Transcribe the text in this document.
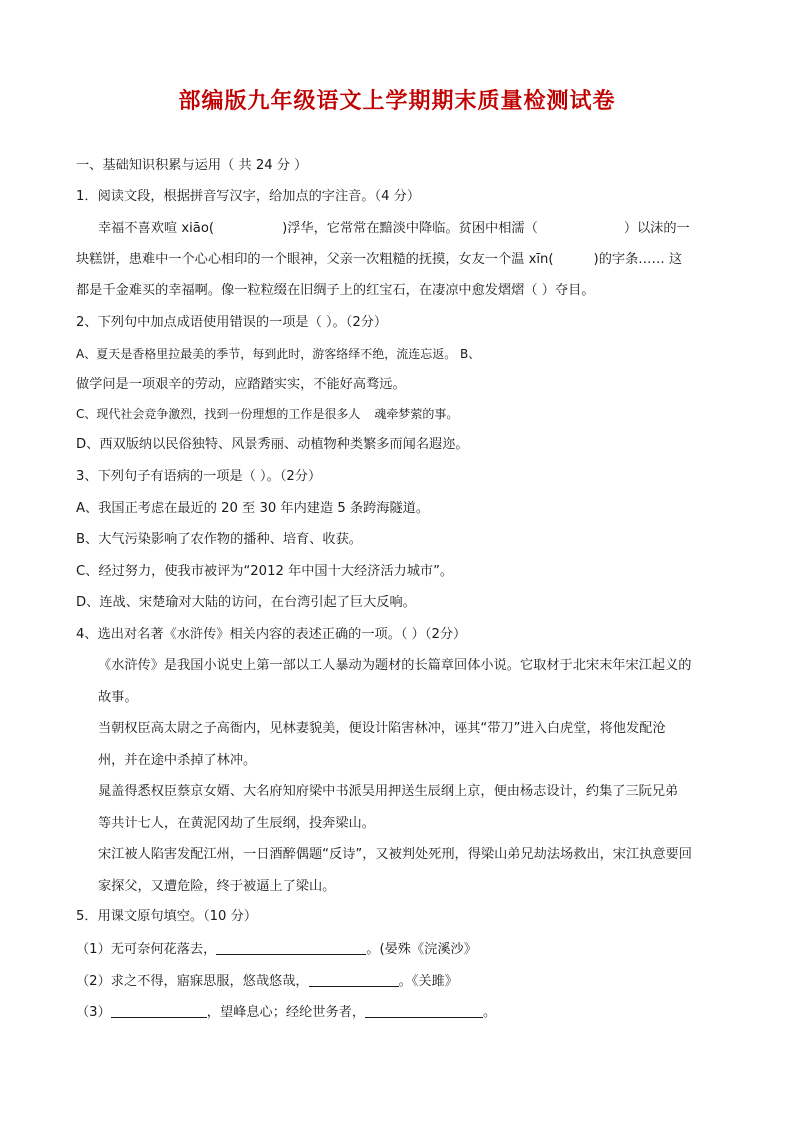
部编版九年级语文上学期期末质量检测试卷
一、基础知识积累与运用（ 共 24 分 ）
1．阅读文段，根据拼音写汉字，给加点的字注音。（4 分）
幸福不喜欢喧 xiāo(	)浮华，它常常在黯淡中降临。贫困中相濡（	）以沫的一
块糕饼，患难中一个心心相印的一个眼神，父亲一次粗糙的抚摸，女友一个温 xīn(	)的字条…… 这
都是千金难买的幸福啊。像一粒粒缀在旧绸子上的红宝石，在凄凉中愈发熠熠（ ）夺目。
2、下列句中加点成语使用错误的一项是（ ）。（2分）
A、夏天是香格里拉最美的季节，每到此时，游客络绎不绝，流连忘返。 B、
做学问是一项艰辛的劳动，应踏踏实实，不能好高骛远。
C、现代社会竞争激烈，找到一份理想的工作是很多人 魂牵梦萦的事。
D、西双版纳以民俗独特、风景秀丽、动植物种类繁多而闻名遐迩。
3、下列句子有语病的一项是（ ）。（2分）
A、我国正考虑在最近的 20 至 30 年内建造 5 条跨海隧道。
B、大气污染影响了农作物的播种、培育、收获。
C、经过努力，使我市被评为“2012 年中国十大经济活力城市”。
D、连战、宋楚瑜对大陆的访问，在台湾引起了巨大反响。
4、选出对名著《水浒传》相关内容的表述正确的一项。（ ）（2分）
《水浒传》是我国小说史上第一部以工人暴动为题材的长篇章回体小说。它取材于北宋末年宋江起义的
故事。
当朝权臣高太尉之子高衙内，见林妻貌美，便设计陷害林冲，诬其“带刀”进入白虎堂，将他发配沧
州，并在途中杀掉了林冲。
晁盖得悉权臣蔡京女婿、大名府知府梁中书派吴用押送生辰纲上京，便由杨志设计，约集了三阮兄弟
等共计七人，在黄泥冈劫了生辰纲，投奔梁山。
宋江被人陷害发配江州，一日酒醉偶题“反诗”，又被判处死刑，得梁山弟兄劫法场救出，宋江执意要回
家探父，又遭危险，终于被逼上了梁山。
5．用课文原句填空。（10 分）
（1）无可奈何花落去，	。(晏殊《浣溪沙》
（2）求之不得，寤寐思服，悠哉悠哉，	。《关雎》
（3）	，望峰息心；经纶世务者，	。
